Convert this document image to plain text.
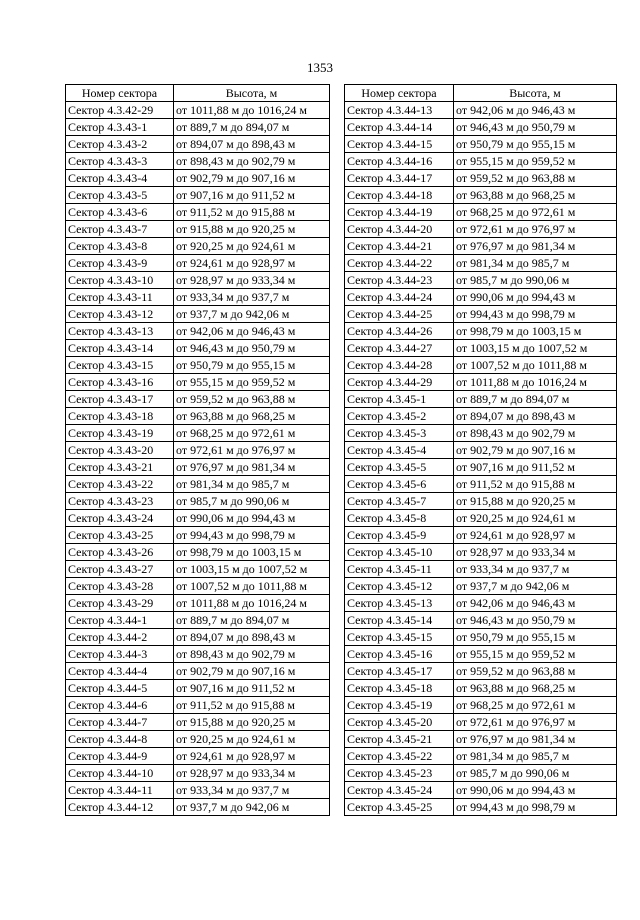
1353
Номер сектора	Высота, м
Сектор 4.3.42-29	от 1011,88 м до 1016,24 м
Сектор 4.3.43-1	от 889,7 м до 894,07 м
Сектор 4.3.43-2	от 894,07 м до 898,43 м
Сектор 4.3.43-3	от 898,43 м до 902,79 м
Сектор 4.3.43-4	от 902,79 м до 907,16 м
Сектор 4.3.43-5	от 907,16 м до 911,52 м
Сектор 4.3.43-6	от 911,52 м до 915,88 м
Сектор 4.3.43-7	от 915,88 м до 920,25 м
Сектор 4.3.43-8	от 920,25 м до 924,61 м
Сектор 4.3.43-9	от 924,61 м до 928,97 м
Сектор 4.3.43-10	от 928,97 м до 933,34 м
Сектор 4.3.43-11	от 933,34 м до 937,7 м
Сектор 4.3.43-12	от 937,7 м до 942,06 м
Сектор 4.3.43-13	от 942,06 м до 946,43 м
Сектор 4.3.43-14	от 946,43 м до 950,79 м
Сектор 4.3.43-15	от 950,79 м до 955,15 м
Сектор 4.3.43-16	от 955,15 м до 959,52 м
Сектор 4.3.43-17	от 959,52 м до 963,88 м
Сектор 4.3.43-18	от 963,88 м до 968,25 м
Сектор 4.3.43-19	от 968,25 м до 972,61 м
Сектор 4.3.43-20	от 972,61 м до 976,97 м
Сектор 4.3.43-21	от 976,97 м до 981,34 м
Сектор 4.3.43-22	от 981,34 м до 985,7 м
Сектор 4.3.43-23	от 985,7 м до 990,06 м
Сектор 4.3.43-24	от 990,06 м до 994,43 м
Сектор 4.3.43-25	от 994,43 м до 998,79 м
Сектор 4.3.43-26	от 998,79 м до 1003,15 м
Сектор 4.3.43-27	от 1003,15 м до 1007,52 м
Сектор 4.3.43-28	от 1007,52 м до 1011,88 м
Сектор 4.3.43-29	от 1011,88 м до 1016,24 м
Сектор 4.3.44-1	от 889,7 м до 894,07 м
Сектор 4.3.44-2	от 894,07 м до 898,43 м
Сектор 4.3.44-3	от 898,43 м до 902,79 м
Сектор 4.3.44-4	от 902,79 м до 907,16 м
Сектор 4.3.44-5	от 907,16 м до 911,52 м
Сектор 4.3.44-6	от 911,52 м до 915,88 м
Сектор 4.3.44-7	от 915,88 м до 920,25 м
Сектор 4.3.44-8	от 920,25 м до 924,61 м
Сектор 4.3.44-9	от 924,61 м до 928,97 м
Сектор 4.3.44-10	от 928,97 м до 933,34 м
Сектор 4.3.44-11	от 933,34 м до 937,7 м
Сектор 4.3.44-12	от 937,7 м до 942,06 м
Номер сектора	Высота, м
Сектор 4.3.44-13	от 942,06 м до 946,43 м
Сектор 4.3.44-14	от 946,43 м до 950,79 м
Сектор 4.3.44-15	от 950,79 м до 955,15 м
Сектор 4.3.44-16	от 955,15 м до 959,52 м
Сектор 4.3.44-17	от 959,52 м до 963,88 м
Сектор 4.3.44-18	от 963,88 м до 968,25 м
Сектор 4.3.44-19	от 968,25 м до 972,61 м
Сектор 4.3.44-20	от 972,61 м до 976,97 м
Сектор 4.3.44-21	от 976,97 м до 981,34 м
Сектор 4.3.44-22	от 981,34 м до 985,7 м
Сектор 4.3.44-23	от 985,7 м до 990,06 м
Сектор 4.3.44-24	от 990,06 м до 994,43 м
Сектор 4.3.44-25	от 994,43 м до 998,79 м
Сектор 4.3.44-26	от 998,79 м до 1003,15 м
Сектор 4.3.44-27	от 1003,15 м до 1007,52 м
Сектор 4.3.44-28	от 1007,52 м до 1011,88 м
Сектор 4.3.44-29	от 1011,88 м до 1016,24 м
Сектор 4.3.45-1	от 889,7 м до 894,07 м
Сектор 4.3.45-2	от 894,07 м до 898,43 м
Сектор 4.3.45-3	от 898,43 м до 902,79 м
Сектор 4.3.45-4	от 902,79 м до 907,16 м
Сектор 4.3.45-5	от 907,16 м до 911,52 м
Сектор 4.3.45-6	от 911,52 м до 915,88 м
Сектор 4.3.45-7	от 915,88 м до 920,25 м
Сектор 4.3.45-8	от 920,25 м до 924,61 м
Сектор 4.3.45-9	от 924,61 м до 928,97 м
Сектор 4.3.45-10	от 928,97 м до 933,34 м
Сектор 4.3.45-11	от 933,34 м до 937,7 м
Сектор 4.3.45-12	от 937,7 м до 942,06 м
Сектор 4.3.45-13	от 942,06 м до 946,43 м
Сектор 4.3.45-14	от 946,43 м до 950,79 м
Сектор 4.3.45-15	от 950,79 м до 955,15 м
Сектор 4.3.45-16	от 955,15 м до 959,52 м
Сектор 4.3.45-17	от 959,52 м до 963,88 м
Сектор 4.3.45-18	от 963,88 м до 968,25 м
Сектор 4.3.45-19	от 968,25 м до 972,61 м
Сектор 4.3.45-20	от 972,61 м до 976,97 м
Сектор 4.3.45-21	от 976,97 м до 981,34 м
Сектор 4.3.45-22	от 981,34 м до 985,7 м
Сектор 4.3.45-23	от 985,7 м до 990,06 м
Сектор 4.3.45-24	от 990,06 м до 994,43 м
Сектор 4.3.45-25	от 994,43 м до 998,79 м
